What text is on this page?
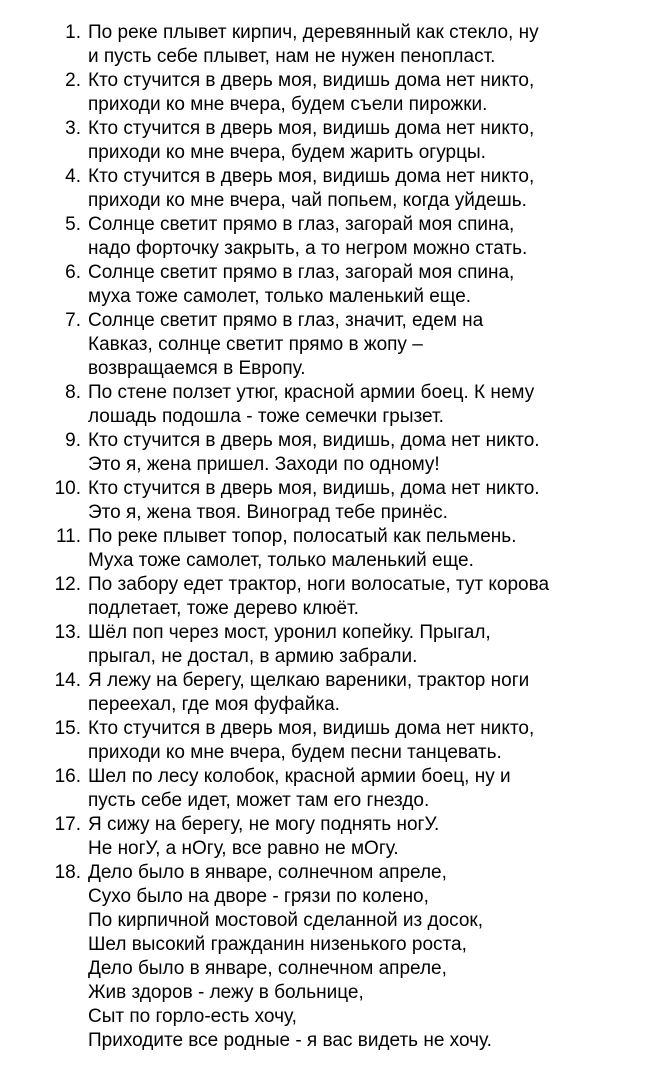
1. По реке плывет кирпич, деревянный как стекло, ну
и пусть себе плывет, нам не нужен пенопласт.
2. Кто стучится в дверь моя, видишь дома нет никто,
приходи ко мне вчера, будем съели пирожки.
3. Кто стучится в дверь моя, видишь дома нет никто,
приходи ко мне вчера, будем жарить огурцы.
4. Кто стучится в дверь моя, видишь дома нет никто,
приходи ко мне вчера, чай попьем, когда уйдешь.
5. Солнце светит прямо в глаз, загорай моя спина,
надо форточку закрыть, а то негром можно стать.
6. Солнце светит прямо в глаз, загорай моя спина,
муха тоже самолет, только маленький еще.
7. Солнце светит прямо в глаз, значит, едем на
Кавказ, солнце светит прямо в жопу –
возвращаемся в Европу.
8. По стене ползет утюг, красной армии боец. К нему
лошадь подошла - тоже семечки грызет.
9. Кто стучится в дверь моя, видишь, дома нет никто.
Это я, жена пришел. Заходи по одному!
10. Кто стучится в дверь моя, видишь, дома нет никто.
Это я, жена твоя. Виноград тебе принёс.
11. По реке плывет топор, полосатый как пельмень.
Муха тоже самолет, только маленький еще.
12. По забору едет трактор, ноги волосатые, тут корова
подлетает, тоже дерево клюёт.
13. Шёл поп через мост, уронил копейку. Прыгал,
прыгал, не достал, в армию забрали.
14. Я лежу на берегу, щелкаю вареники, трактор ноги
переехал, где моя фуфайка.
15. Кто стучится в дверь моя, видишь дома нет никто,
приходи ко мне вчера, будем песни танцевать.
16. Шел по лесу колобок, красной армии боец, ну и
пусть себе идет, может там его гнездо.
17. Я сижу на берегу, не могу поднять ногУ.
Не ногУ, а нОгу, все равно не мОгу.
18. Дело было в январе, солнечном апреле,
Сухо было на дворе - грязи по колено,
По кирпичной мостовой сделанной из досок,
Шел высокий гражданин низенького роста,
Дело было в январе, солнечном апреле,
Жив здоров - лежу в больнице,
Сыт по горло-есть хочу,
Приходите все родные - я вас видеть не хочу.
